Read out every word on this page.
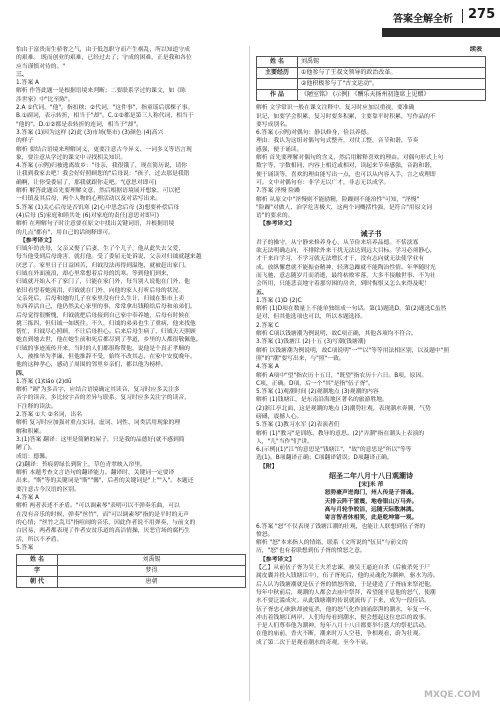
答案全解全析 275
怕由于富贵而生骄奢之气，由于低忽职守而产生祸乱，所以知道守成
的艰难。 既而创业的艰难，已经过去了；守成的困难，正是我和各位
应当谨慎对待的。"
三、
1.答案 A
解析 作答此题一是根据语境来判断；二要联系学过的课文，如《陈
涉世家》中"比至陈"。
2.A ①代词，"他"，指扣秧；②代词，"这件事"，指童谣后那棵子事。
B.①副词，表示转折，相当于"却"。C.①②都是第三人称代词，相当于
"他的"。D.①②都是表转折的连词，相当于"却"。
3.答案 (1)因为这样 (2)此 (3)市场(集市) (3)颜色 (4)高兴
的样子
解析 要结合语境来理解词义，更要注意古今异义、一词多义等语言现
象，要注意从学过的课文中寻找相关知识。
4.答案 (示例)归被逃离故乡："母亲，我很饿了，现在简历说，请你
让我到我家去吧！我会好好照顾您的"后母说："孩子，过去那是我错
确啊，让你受委屈了，那我就跟你走吧。"(意思对即可)
解析 解答此题首先要理解文意，然后根据语境展开想象，可以把
一归镇及其后母，两个人物的心理活动以及对话写出来。
5.答案 (1)关心后母是否饥寒 (2)心中思念后母 (3)想要补偿后母
(4)后母 (5)家庭和睦共处 (6)对家庭的责任(意思对即可)
解析 在理解句子时注意要在原文中找出关键词语，并根据语境
的几点"都有"，用自己的话阐释即可。
【参考译文】
归钺年幼丧母，父亲又娶了后妻，生了个儿子，他从此失去父爱，
每当他受到后母谗害，就打他。受了委屈无处诉说，父亲对归钺就越来越
厌恶了。家里日子日益困苦，归钺没法再得到温饱，就被赶出家门。
归钺在外面流浪，却心里常想着后母的饥寒。等到他们到来，
归钺就开始入不了家门了，只能在家门外，每当别人说他在门外，他
依旧看望着她流泪，归钺就在门外，向他的家人打听后母的状况。
父亲死后，后母和她的儿子在家里没有什么生计，归钺在集市上卖
东西养活自己，他仍然关心家里的事，常常拿出钱粮给后母和弟弟们。
后母觉得很惭愧，归钺就把后母接到自己家中奉养她，后母有时候在
挑三拣四，但归钺一如既往。不久，归钺的弟弟也生了重病，他来找他
帮忙，归钺尽心照顾，不让后母担心。后来后母生病了，归钺天天照顾
她直到她去世，他在她生前和死后都尽到了孝道，乡里的人都很敬佩他。
归钺的事迹流传开来，当时的人们都很称赞他，说他是个真正孝顺的
人，被推举为孝廉，但他推辞不受，始终不改其志，在家中安度晚年。
他的这种孝心，感动了周围的邻里乡亲们，都以他为榜样。
四、
1.答案 (1)tiáo (2)dū
解析 "调"为多音字，应结合语境确定其读音，复习时应多关注多
音字的读音，多比较字音的差异与联系。复习时应多关注字的读音，
下注释的读法。
2.答案 ①大 ②名词，出名
解析 复习时应加强对重点实词、虚词、词性、词类活用现象的理
解和积累。
3.(1)答案 翻译：这里是简陋的屋子，只是我的品德好(就不感到简
陋了)。
成语：德馨。
(2)翻译：苔痕碧绿长到阶上，草色青翠映入帘里。
解析 本题考查文言语句的翻译能力。翻译时，关键词一定要译
出来。"斯"等的关键词是"斯""馨"，后者的关键词是"上""入"。本题还
要注意古今汉语的区别。
4.答案 A
解析 两者表述不矛盾。"可以调素琴"表明可以不弹奏乐曲，可以
在没有音乐的时候，弹奏"丝竹"，而"可以调素琴"指的是平时的无声
的心情；"丝竹之乱耳"指喧闹的音乐，因此作者说不用弹奏，与前文的
白居易，两者都表现了作者安贫乐道的高洁情操，厌恶官场的腐朽生
活，所以不矛盾。
5.答案
姓 名	刘禹锡
字	梦得
朝 代	唐朝
续表
姓 名	刘禹锡
主要经历	①他参与了王叔文领导的政治改革。
	②他积极参与了"古文运动"。
作 品	《陋室铭》 (示例) 《酬乐天扬州初逢席上见赠》
解析 文学常识一般在课文注释中，复习时应加以重视，要准确
识记，如要学会积累，复习时要多积累，主要靠平时积累，写作品的不
要写成别名。
6.答案 (示例)对偶句：静以修身，俭以养德。
理由：我认为这组对偶句句式整齐，对仗工整，音节和谐，节奏
感强，便于诵读。
解析 首先要理解对偶句的含义，然后用解释喜欢的理由。对偶句形式上句
数字等，字数相同，内容上相近或相对，读起来节奏感强，音韵和谐，
便于诵读等，喜欢的理由能写出一点，也可以从内容入手，言之成理即
可。文中对偶句有：非学无以广才，非志无以成学。
7.答案 淫慢 险躁
解析 从原文中"淫慢则不能励精，险躁则不能治性"可知，"淫慢"
"险躁"对做人、治学危害极大，这两个词概括性强，是符合"用原文词
语"的要求的。
【参考译文】
诫子书
君子的操守，从宁静来修养身心，从节俭来培养品德。不恬淡寡
欲无法明确志向，不排除外来干扰无法达到远大目标。学习必须静心，
才干来自学习，不学习就无法增长才干，没有志向就无法使学业有
成。放纵懈怠就不能振奋精神，轻薄急躁就不能陶冶性情。年华随时光
而飞驰，意志随岁月而消逝，最终枯败零落，大多不接触世事、不为社
会所用，只能悲哀地守着那穷困的房舍，到时悔恨又怎么来得及呢！
五、
1.答案 (1)D (2)C
解析 (1)D项在数量上不能单独组成一句话。第(1)题选D，第(2)题选C虽然
是对，但其他选项也可以，所以本题选择。
2.答案 C
解析 C项以钱塘潮为例说明，故C项正确，其他各项均不符合。
3.答案 (1)钱塘江 (2)十五 (3)写潮(钱塘潮)
解析 以钱塘潮为例说明，故C项说明"一""以"等等用法相区别，以及题中"照
照"的"潮"要写出来，与"照"一致。
4.答案 A
解析 A项中"望"指农历十五日，"既望"指农历十六日。B项，原因。
C项，正确。D项，后一个"其"是指"伍子胥"。
5.答案 (1)观潮时间 (2)观潮地点 (3)观潮的内容
解析 (1)钱塘江，是东南沿海地区著名的旅游胜地。
(2)浙江亭北面，这是观潮的地点 (3)潮势壮观，表现潮水奔腾，气势
磅礴，震撼人心。
5.答案 (1)教习水军 (2)表演者们
解析 (1)"教习"是训练、教导的意思。(2)"弄潮"指在潮头上表演的
人，"儿"当作"们"讲。
6.(示例)(1)"江"的意思是"钱塘江"，"故"的意思是"所以"等等
选(1)。B项翻译正确；C项翻译错误；D项翻译正确。
【附】
绍圣二年八月十八日观潮诗
[宋]米 芾
怒势豪声迸海门，州人传是子胥魂。
天排云阵千雷震，地卷银山万马奔。
高与月轮争皎洁，远随天际散淋漓。
寄言智者休相笑，此是乾坤第一观。
6.答案 "怒"不仅表现了钱塘江潮的壮观，也能让人联想到伍子胥的
愤怒。
解析 "怒"本来指人的情绪，联系《文所说的"伍员"与前文的
历，"怒"也有着联想到伍子胥的愤怒之意。
【参考译文】
【乙】从前伍子胥为吴王夫差忠谏，被吴王逼迫自杀（后被杀死于尸
属皮囊并投入钱塘江中），伍子胥死后，他的灵魂化为潮神，驱水为涛。
后人认为钱塘潮就是伍子胥的愤怒所致，于是建造了子胥庙来祭祀他，
每年中秋前后，观潮的人都会去庙中祭拜，希望能平息他的怒气，使潮
水不要泛滥成灾。从此钱塘潮的传说就流传了下来，成为一段佳话。
伍子胥忠心耿耿却被冤杀，他的怒气化作汹涌澎湃的潮水，年复一年，
冲击着钱塘江两岸，人们每每看到潮水，便会想起这位忠臣的故事。
于是人们尊奉他为潮神，每年八月十八日都要举行盛大的祭祀活动。
在他的庙前，香火不断，潮来时万人空巷，争相观看，蔚为壮观。
成了第二次于是观看潮水的奇观，至今不衰。
MXQE.COM
